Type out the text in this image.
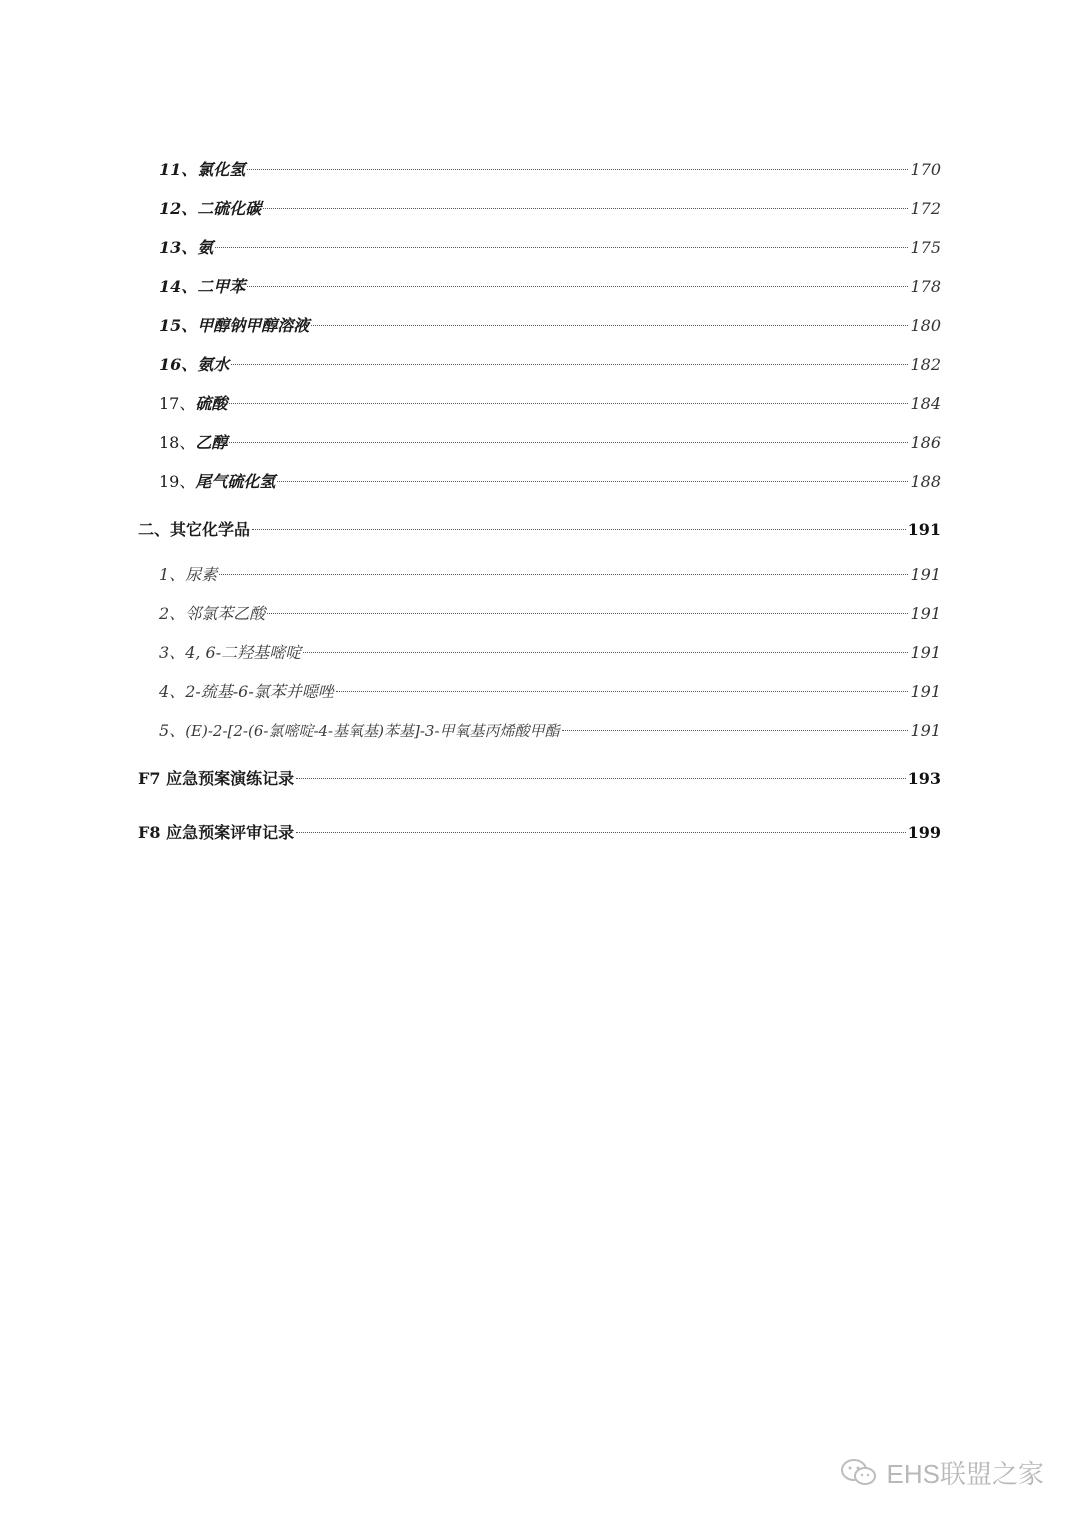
11、 氯化氢	170
12、 二硫化碳	172
13、 氨	175
14、 二甲苯	178
15、 甲醇钠甲醇溶液	180
16、 氨水	182
17、 硫酸	184
18、 乙醇	186
19、 尾气硫化氢	188
二、其它化学品	191
1、 尿素	191
2、 邻氯苯乙酸	191
3、 4, 6-二羟基嘧啶	191
4、 2-巯基-6-氯苯并噁唑	191
5、 (E)-2-[2-(6-氯嘧啶-4-基氧基)苯基]-3-甲氧基丙烯酸甲酯	191
F7 应急预案演练记录	193
F8 应急预案评审记录	199
EHS联盟之家
